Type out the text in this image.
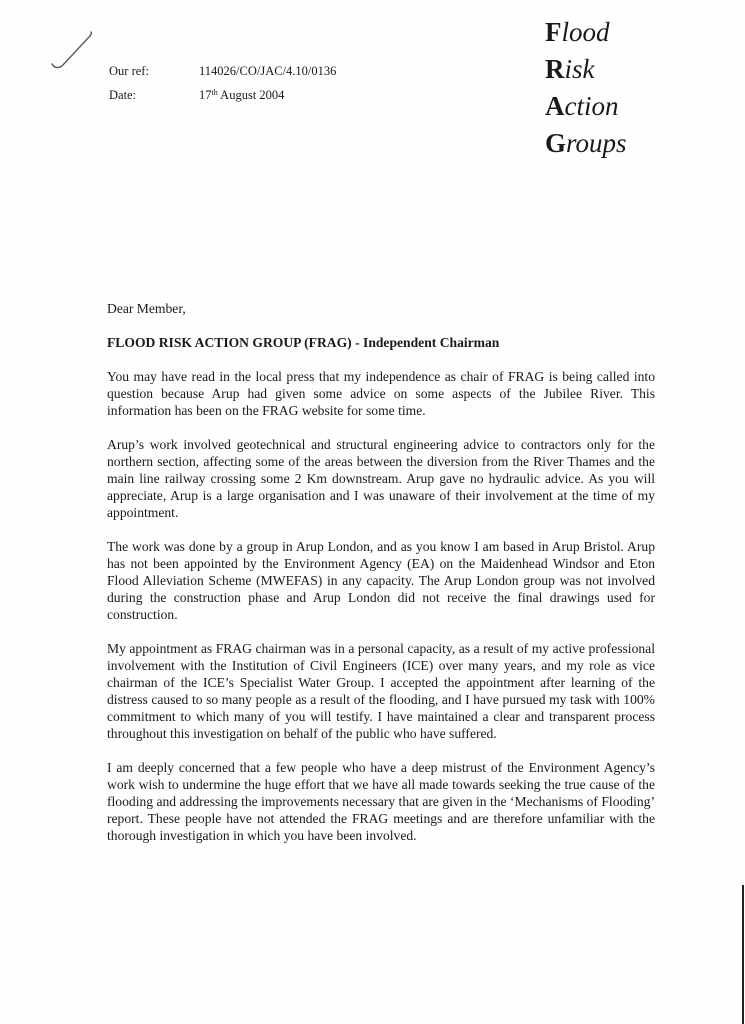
Our ref:	114026/CO/JAC/4.10/0136
Date:	17th August 2004
Flood
Risk
Action
Groups

Dear Member,

FLOOD RISK ACTION GROUP (FRAG) - Independent Chairman

You may have read in the local press that my independence as chair of FRAG is being called into question because Arup had given some advice on some aspects of the Jubilee River. This information has been on the FRAG website for some time.

Arup’s work involved geotechnical and structural engineering advice to contractors only for the northern section, affecting some of the areas between the diversion from the River Thames and the main line railway crossing some 2 Km downstream. Arup gave no hydraulic advice. As you will appreciate, Arup is a large organisation and I was unaware of their involvement at the time of my appointment.

The work was done by a group in Arup London, and as you know I am based in Arup Bristol. Arup has not been appointed by the Environment Agency (EA) on the Maidenhead Windsor and Eton Flood Alleviation Scheme (MWEFAS) in any capacity. The Arup London group was not involved during the construction phase and Arup London did not receive the final drawings used for construction.

My appointment as FRAG chairman was in a personal capacity, as a result of my active professional involvement with the Institution of Civil Engineers (ICE) over many years, and my role as vice chairman of the ICE’s Specialist Water Group. I accepted the appointment after learning of the distress caused to so many people as a result of the flooding, and I have pursued my task with 100% commitment to which many of you will testify. I have maintained a clear and transparent process throughout this investigation on behalf of the public who have suffered.

I am deeply concerned that a few people who have a deep mistrust of the Environment Agency’s work wish to undermine the huge effort that we have all made towards seeking the true cause of the flooding and addressing the improvements necessary that are given in the ‘Mechanisms of Flooding’ report. These people have not attended the FRAG meetings and are therefore unfamiliar with the thorough investigation in which you have been involved.
